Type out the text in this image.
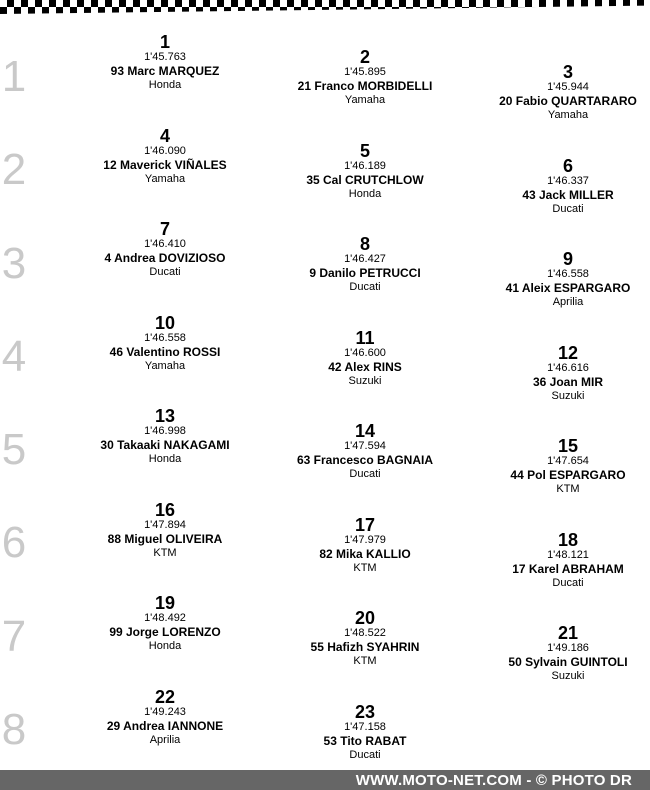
1
2
3
4
5
6
7
8
1
1'45.763
93 Marc MARQUEZ
Honda
2
1'45.895
21 Franco MORBIDELLI
Yamaha
3
1'45.944
20 Fabio QUARTARARO
Yamaha
4
1'46.090
12 Maverick VIÑALES
Yamaha
5
1'46.189
35 Cal CRUTCHLOW
Honda
6
1'46.337
43 Jack MILLER
Ducati
7
1'46.410
4 Andrea DOVIZIOSO
Ducati
8
1'46.427
9 Danilo PETRUCCI
Ducati
9
1'46.558
41 Aleix ESPARGARO
Aprilia
10
1'46.558
46 Valentino ROSSI
Yamaha
11
1'46.600
42 Alex RINS
Suzuki
12
1'46.616
36 Joan MIR
Suzuki
13
1'46.998
30 Takaaki NAKAGAMI
Honda
14
1'47.594
63 Francesco BAGNAIA
Ducati
15
1'47.654
44 Pol ESPARGARO
KTM
16
1'47.894
88 Miguel OLIVEIRA
KTM
17
1'47.979
82 Mika KALLIO
KTM
18
1'48.121
17 Karel ABRAHAM
Ducati
19
1'48.492
99 Jorge LORENZO
Honda
20
1'48.522
55 Hafizh SYAHRIN
KTM
21
1'49.186
50 Sylvain GUINTOLI
Suzuki
22
1'49.243
29 Andrea IANNONE
Aprilia
23
1'47.158
53 Tito RABAT
Ducati
WWW.MOTO-NET.COM - © PHOTO DR
